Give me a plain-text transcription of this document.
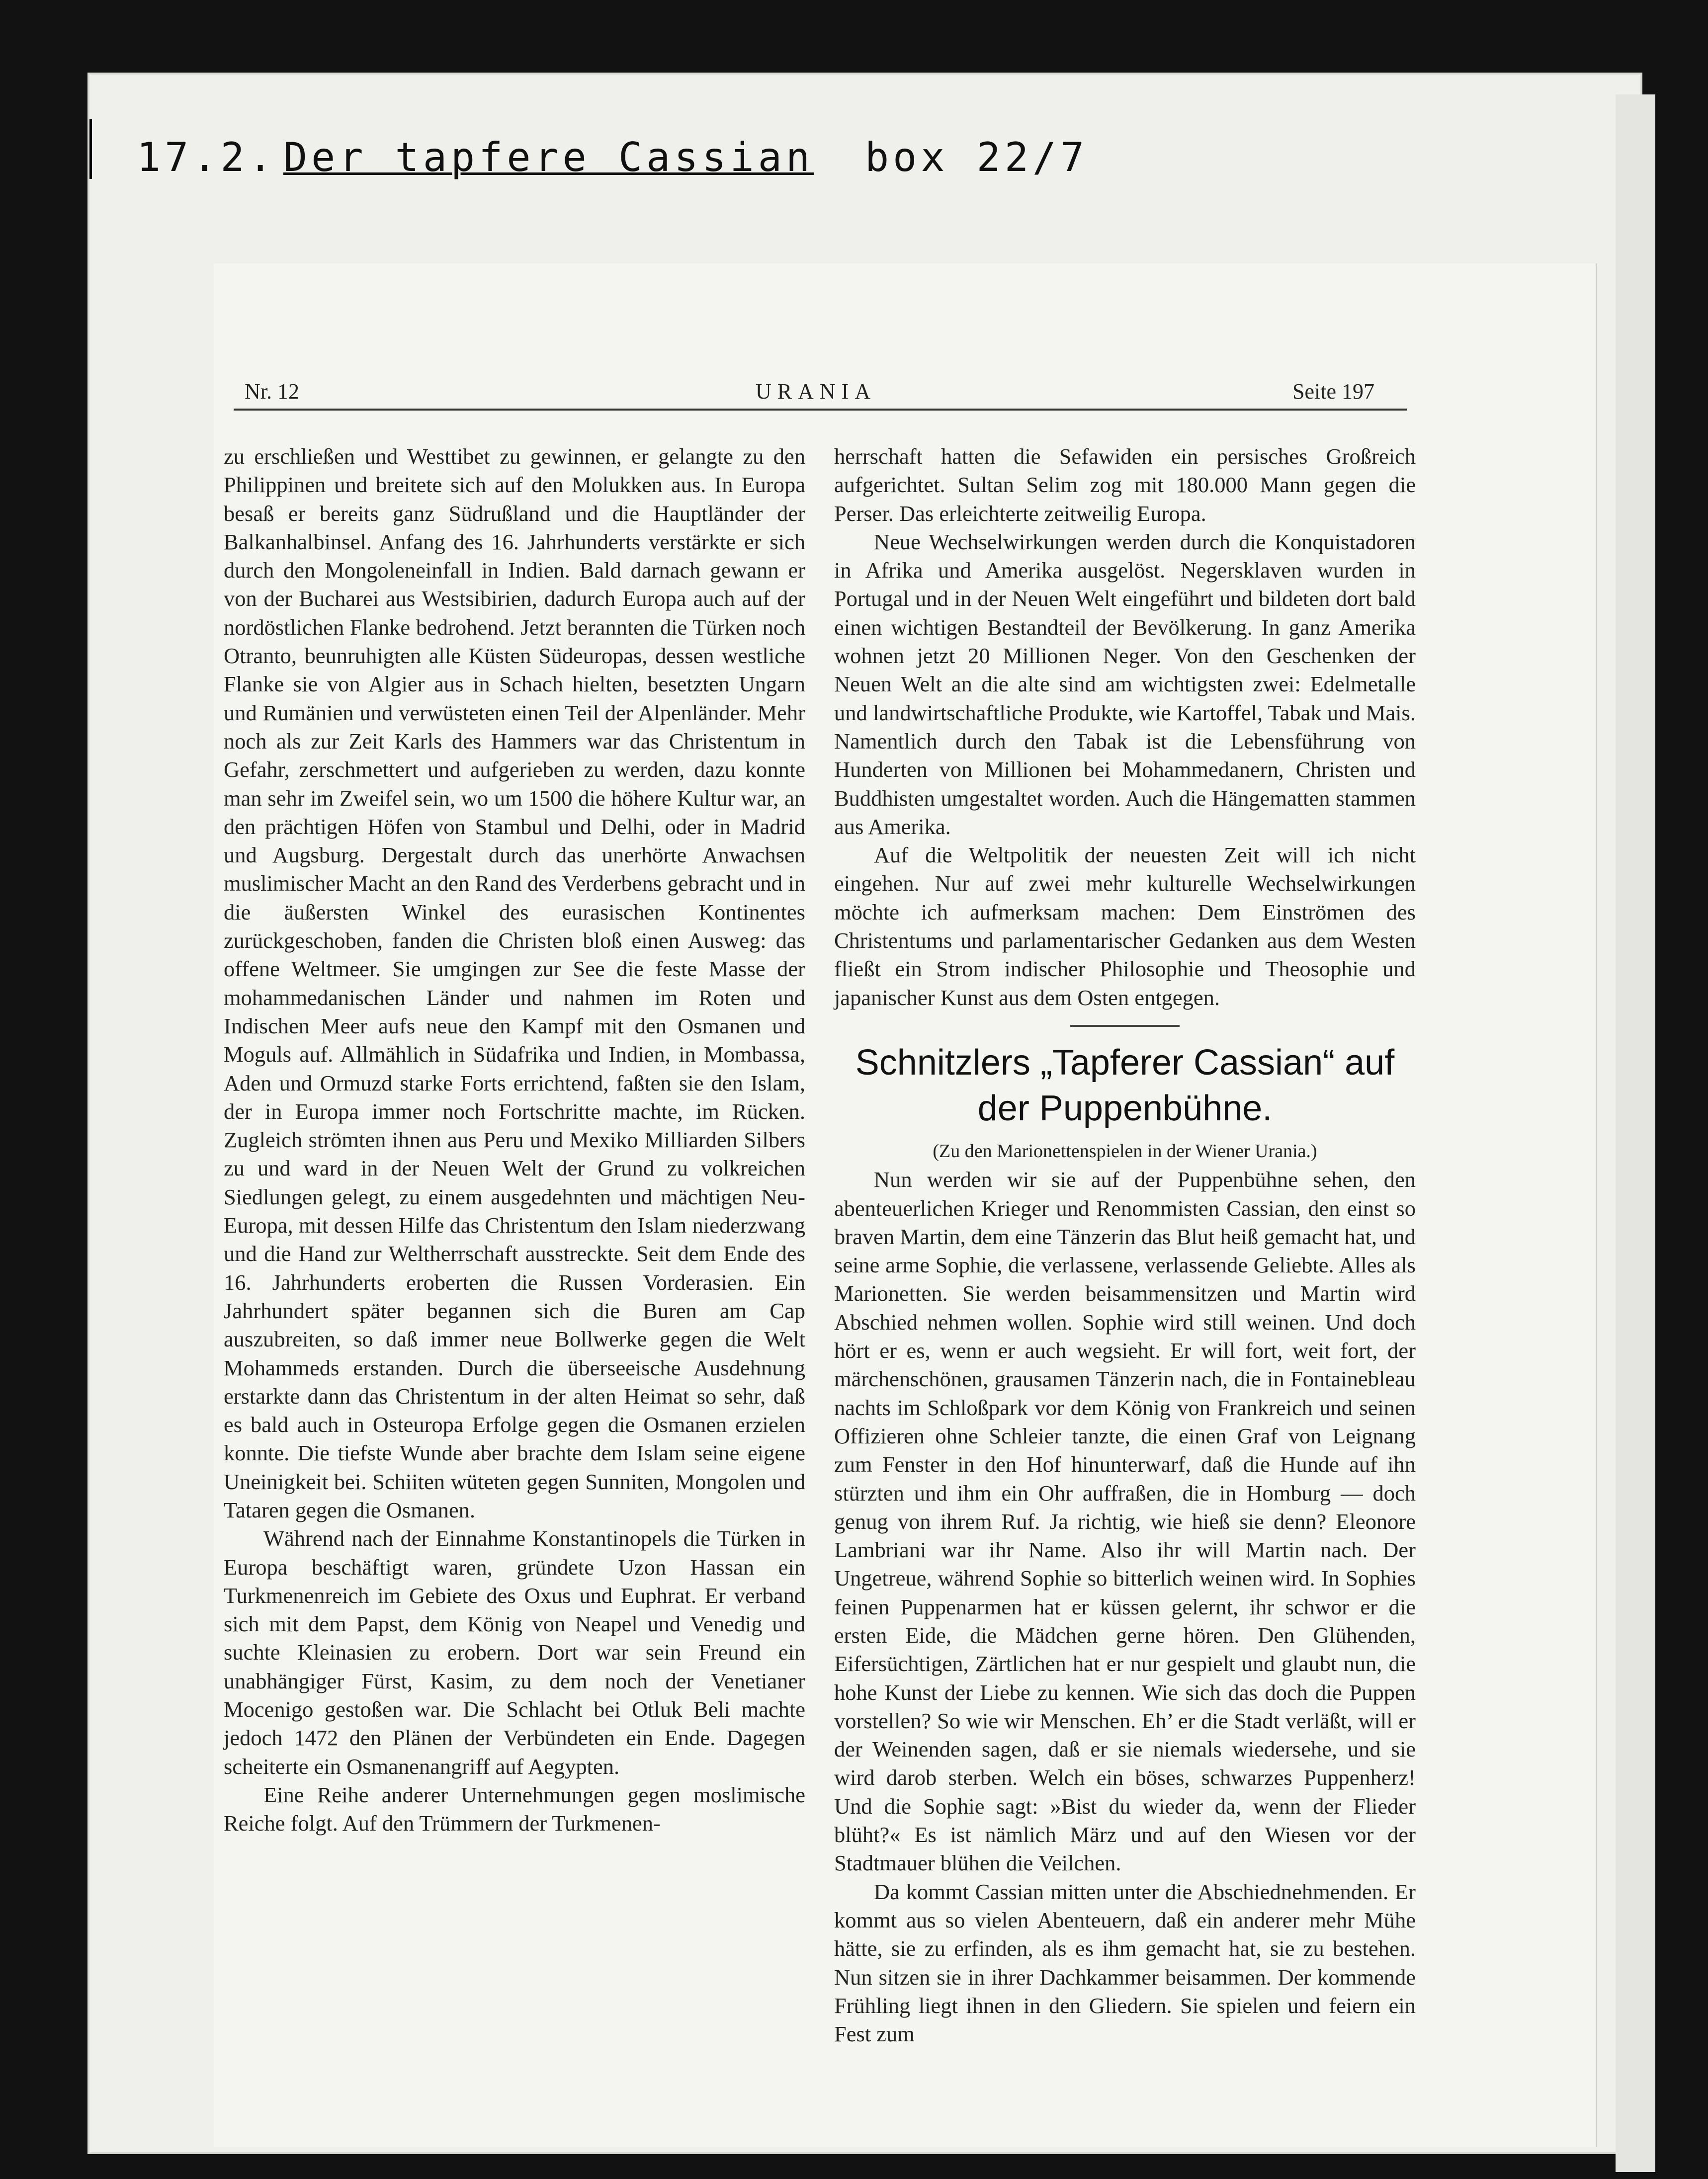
17.2. Der tapfere Cassian box 22/7
Nr. 12	URANIA	Seite 197

zu erschließen und Westtibet zu gewinnen, er gelangte zu den Philippinen und breitete sich auf den Molukken aus. In Europa besaß er bereits ganz Südrußland und die Hauptländer der Balkanhalbinsel. Anfang des 16. Jahrhunderts verstärkte er sich durch den Mongoleneinfall in Indien. Bald darnach gewann er von der Bucharei aus Westsibirien, dadurch Europa auch auf der nordöstlichen Flanke bedrohend. Jetzt berannten die Türken noch Otranto, beunruhigten alle Küsten Südeuropas, dessen westliche Flanke sie von Algier aus in Schach hielten, besetzten Ungarn und Rumänien und verwüsteten einen Teil der Alpenländer. Mehr noch als zur Zeit Karls des Hammers war das Christentum in Gefahr, zerschmettert und aufgerieben zu werden, dazu konnte man sehr im Zweifel sein, wo um 1500 die höhere Kultur war, an den prächtigen Höfen von Stambul und Delhi, oder in Madrid und Augsburg. Dergestalt durch das unerhörte Anwachsen muslimischer Macht an den Rand des Verderbens gebracht und in die äußersten Winkel des eurasischen Kontinentes zurückgeschoben, fanden die Christen bloß einen Ausweg: das offene Weltmeer. Sie umgingen zur See die feste Masse der mohammedanischen Länder und nahmen im Roten und Indischen Meer aufs neue den Kampf mit den Osmanen und Moguls auf. Allmählich in Südafrika und Indien, in Mombassa, Aden und Ormuzd starke Forts errichtend, faßten sie den Islam, der in Europa immer noch Fortschritte machte, im Rücken. Zugleich strömten ihnen aus Peru und Mexiko Milliarden Silbers zu und ward in der Neuen Welt der Grund zu volkreichen Siedlungen gelegt, zu einem ausgedehnten und mächtigen Neu-Europa, mit dessen Hilfe das Christentum den Islam niederzwang und die Hand zur Weltherrschaft ausstreckte. Seit dem Ende des 16. Jahrhunderts eroberten die Russen Vorderasien. Ein Jahrhundert später begannen sich die Buren am Cap auszubreiten, so daß immer neue Bollwerke gegen die Welt Mohammeds erstanden. Durch die überseeische Ausdehnung erstarkte dann das Christentum in der alten Heimat so sehr, daß es bald auch in Osteuropa Erfolge gegen die Osmanen erzielen konnte. Die tiefste Wunde aber brachte dem Islam seine eigene Uneinigkeit bei. Schiiten wüteten gegen Sunniten, Mongolen und Tataren gegen die Osmanen.

Während nach der Einnahme Konstantinopels die Türken in Europa beschäftigt waren, gründete Uzon Hassan ein Turkmenenreich im Gebiete des Oxus und Euphrat. Er verband sich mit dem Papst, dem König von Neapel und Venedig und suchte Kleinasien zu erobern. Dort war sein Freund ein unabhängiger Fürst, Kasim, zu dem noch der Venetianer Mocenigo gestoßen war. Die Schlacht bei Otluk Beli machte jedoch 1472 den Plänen der Verbündeten ein Ende. Dagegen scheiterte ein Osmanenangriff auf Aegypten.

Eine Reihe anderer Unternehmungen gegen moslimische Reiche folgt. Auf den Trümmern der Turkmenen-

herrschaft hatten die Sefawiden ein persisches Großreich aufgerichtet. Sultan Selim zog mit 180.000 Mann gegen die Perser. Das erleichterte zeitweilig Europa.

Neue Wechselwirkungen werden durch die Konquistadoren in Afrika und Amerika ausgelöst. Negersklaven wurden in Portugal und in der Neuen Welt eingeführt und bildeten dort bald einen wichtigen Bestandteil der Bevölkerung. In ganz Amerika wohnen jetzt 20 Millionen Neger. Von den Geschenken der Neuen Welt an die alte sind am wichtigsten zwei: Edelmetalle und landwirtschaftliche Produkte, wie Kartoffel, Tabak und Mais. Namentlich durch den Tabak ist die Lebensführung von Hunderten von Millionen bei Mohammedanern, Christen und Buddhisten umgestaltet worden. Auch die Hängematten stammen aus Amerika.

Auf die Weltpolitik der neuesten Zeit will ich nicht eingehen. Nur auf zwei mehr kulturelle Wechselwirkungen möchte ich aufmerksam machen: Dem Einströmen des Christentums und parlamentarischer Gedanken aus dem Westen fließt ein Strom indischer Philosophie und Theosophie und japanischer Kunst aus dem Osten entgegen.

Schnitzlers „Tapferer Cassian“ auf der Puppenbühne.

(Zu den Marionettenspielen in der Wiener Urania.)

Nun werden wir sie auf der Puppenbühne sehen, den abenteuerlichen Krieger und Renommisten Cassian, den einst so braven Martin, dem eine Tänzerin das Blut heiß gemacht hat, und seine arme Sophie, die verlassene, verlassende Geliebte. Alles als Marionetten. Sie werden beisammensitzen und Martin wird Abschied nehmen wollen. Sophie wird still weinen. Und doch hört er es, wenn er auch wegsieht. Er will fort, weit fort, der märchenschönen, grausamen Tänzerin nach, die in Fontainebleau nachts im Schloßpark vor dem König von Frankreich und seinen Offizieren ohne Schleier tanzte, die einen Graf von Leignang zum Fenster in den Hof hinunterwarf, daß die Hunde auf ihn stürzten und ihm ein Ohr auffraßen, die in Homburg — doch genug von ihrem Ruf. Ja richtig, wie hieß sie denn? Eleonore Lambriani war ihr Name. Also ihr will Martin nach. Der Ungetreue, während Sophie so bitterlich weinen wird. In Sophies feinen Puppenarmen hat er küssen gelernt, ihr schwor er die ersten Eide, die Mädchen gerne hören. Den Glühenden, Eifersüchtigen, Zärtlichen hat er nur gespielt und glaubt nun, die hohe Kunst der Liebe zu kennen. Wie sich das doch die Puppen vorstellen? So wie wir Menschen. Eh’ er die Stadt verläßt, will er der Weinenden sagen, daß er sie niemals wiedersehe, und sie wird darob sterben. Welch ein böses, schwarzes Puppenherz! Und die Sophie sagt: »Bist du wieder da, wenn der Flieder blüht?« Es ist nämlich März und auf den Wiesen vor der Stadtmauer blühen die Veilchen.

Da kommt Cassian mitten unter die Abschiednehmenden. Er kommt aus so vielen Abenteuern, daß ein anderer mehr Mühe hätte, sie zu erfinden, als es ihm gemacht hat, sie zu bestehen. Nun sitzen sie in ihrer Dachkammer beisammen. Der kommende Frühling liegt ihnen in den Gliedern. Sie spielen und feiern ein Fest zum
